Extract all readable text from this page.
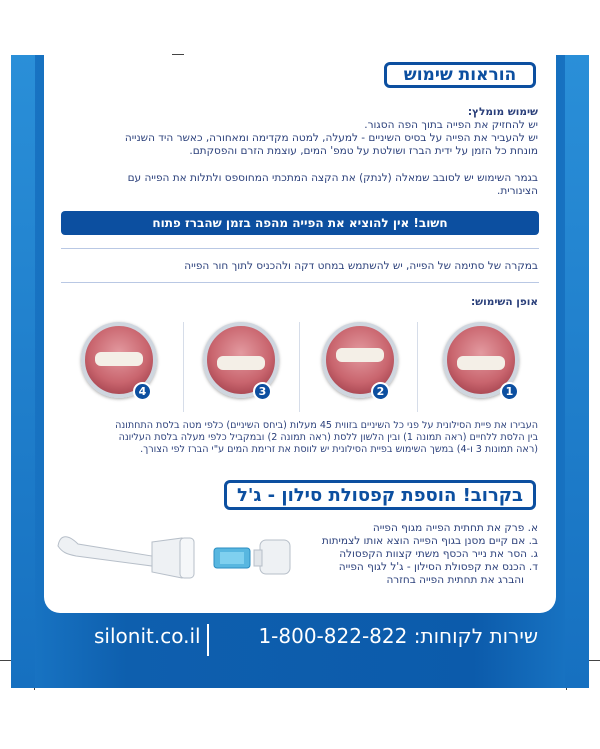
הוראות שימוש
שימוש מומלץ:
יש להחזיק את הפייה בתוך הפה הסגור.
יש להעביר את הפייה על בסיס השיניים - למעלה, למטה מקדימה ומאחורה, כאשר היד השנייה
מונחת כל הזמן על ידית הברז ושולטת על טמפ' המים, עוצמת הזרם והפסקתם.
בגמר השימוש יש לסובב שמאלה (לנתק) את הקצה המתכתי המחוספס ולתלות את הפייה עם
הצינורית.
חשוב! אין להוציא את הפייה מהפה בזמן שהברז פתוח
במקרה של סתימה של הפייה, יש להשתמש במחט דקה ולהכניס לתוך חור הפייה
אופן השימוש:
4	3	2	1
העבירו את פיית הסילונית על פני כל השיניים בזווית 45 מעלות (ביחס השיניים) כלפי מטה בלסת התחתונה
בין הלסת ללחיים (ראה תמונה 1) ובין הלשון ללסת (ראה תמונה 2) ובמקביל כלפי מעלה בלסת העליונה
(ראה תמונות 3 ו-4) במשך השימוש בפיית הסילונית יש לווסת את זרימת המים ע"י הברז לפי הצורך.
בקרוב! הוספת קפסולת סילון - ג'ל
א. פרק את תחתית הפייה מגוף הפייה
ב. אם קיים מסנן בגוף הפייה הוצא אותו לצמיתות
ג. הסר את נייר הכסף משתי קצוות הקפסולה
ד. הכנס את קפסולת הסילון - ג'ל לגוף הפייה
והברג את תחתית הפייה בחזרה
שירות לקוחות: 1-800-822-822
silonit.co.il
